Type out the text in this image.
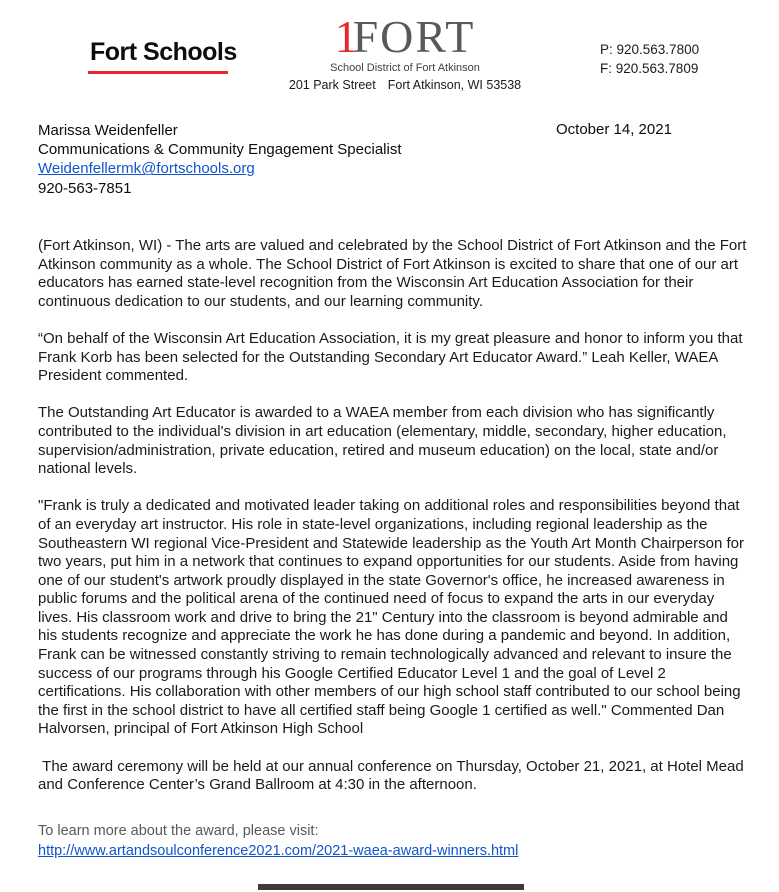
Fort Schools	1FORT
School District of Fort Atkinson
201 Park Street Fort Atkinson, WI 53538
P: 920.563.7800
F: 920.563.7809
Marissa Weidenfeller
Communications & Community Engagement Specialist
Weidenfellermk@fortschools.org
920-563-7851
October 14, 2021

(Fort Atkinson, WI) - The arts are valued and celebrated by the School District of Fort Atkinson and the Fort Atkinson community as a whole. The School District of Fort Atkinson is excited to share that one of our art educators has earned state-level recognition from the Wisconsin Art Education Association for their continuous dedication to our students, and our learning community.

“On behalf of the Wisconsin Art Education Association, it is my great pleasure and honor to inform you that Frank Korb has been selected for the Outstanding Secondary Art Educator Award.” Leah Keller, WAEA President commented.

The Outstanding Art Educator is awarded to a WAEA member from each division who has significantly contributed to the individual's division in art education (elementary, middle, secondary, higher education, supervision/administration, private education, retired and museum education) on the local, state and/or national levels.

"Frank is truly a dedicated and motivated leader taking on additional roles and responsibilities beyond that of an everyday art instructor. His role in state-level organizations, including regional leadership as the Southeastern WI regional Vice-President and Statewide leadership as the Youth Art Month Chairperson for two years, put him in a network that continues to expand opportunities for our students. Aside from having one of our student's artwork proudly displayed in the state Governor's office, he increased awareness in public forums and the political arena of the continued need of focus to expand the arts in our everyday lives. His classroom work and drive to bring the 21" Century into the classroom is beyond admirable and his students recognize and appreciate the work he has done during a pandemic and beyond. In addition, Frank can be witnessed constantly striving to remain technologically advanced and relevant to insure the success of our programs through his Google Certified Educator Level 1 and the goal of Level 2 certifications. His collaboration with other members of our high school staff contributed to our school being the first in the school district to have all certified staff being Google 1 certified as well." Commented Dan Halvorsen, principal of Fort Atkinson High School

The award ceremony will be held at our annual conference on Thursday, October 21, 2021, at Hotel Mead and Conference Center’s Grand Ballroom at 4:30 in the afternoon.

To learn more about the award, please visit:
http://www.artandsoulconference2021.com/2021-waea-award-winners.html
